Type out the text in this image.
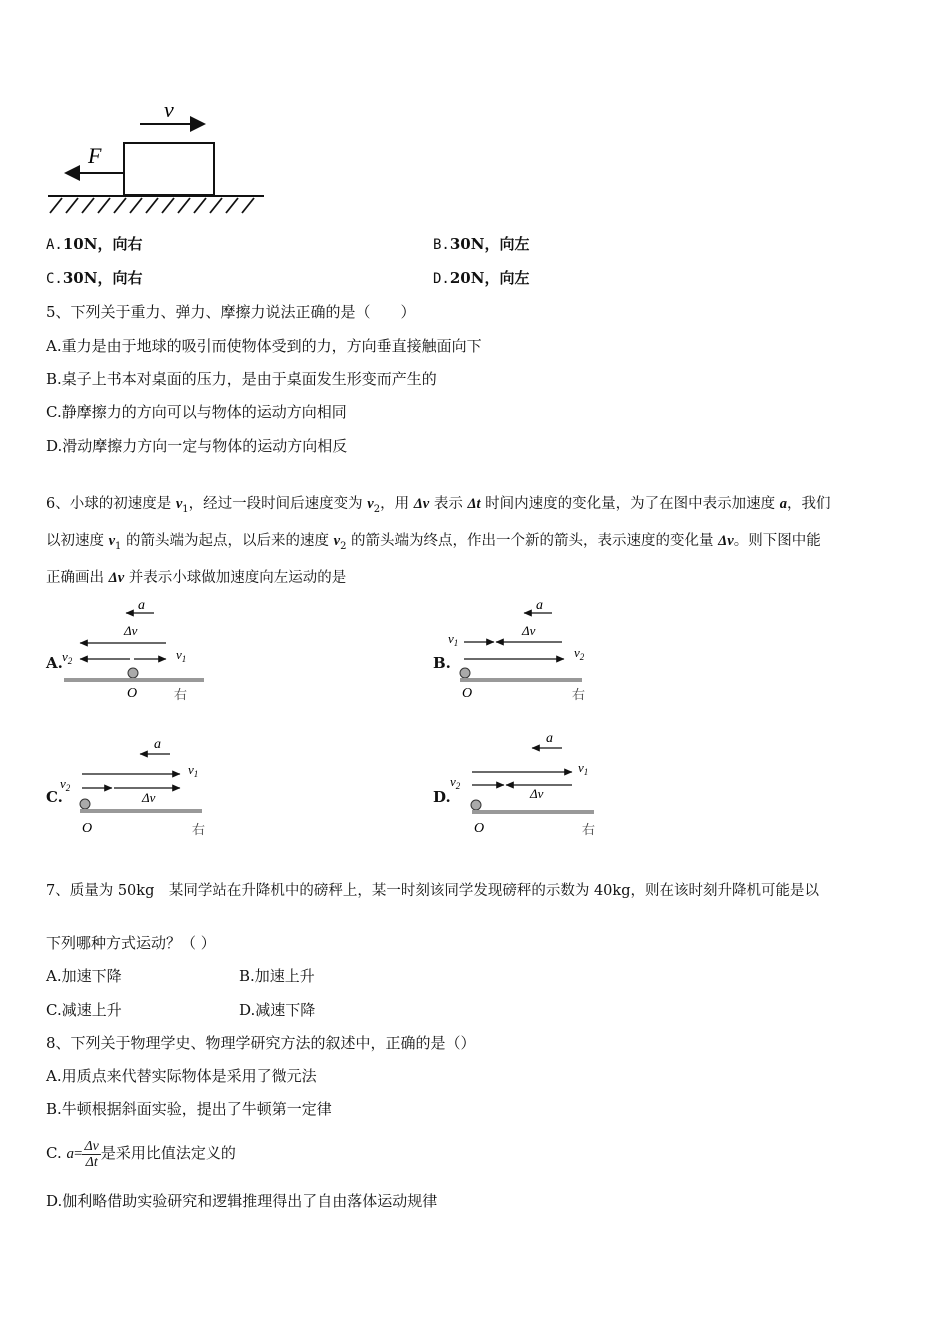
v
F
A.10N，向右	B.30N，向左
C.30N，向右	D.20N，向左
5、下列关于重力、弹力、摩擦力说法正确的是（　　）
A.重力是由于地球的吸引而使物体受到的力，方向垂直接触面向下
B.桌子上书本对桌面的压力，是由于桌面发生形变而产生的
C.静摩擦力的方向可以与物体的运动方向相同
D.滑动摩擦力方向一定与物体的运动方向相反
6、小球的初速度是 $v_1$，经过一段时间后速度变为 $v_2$，用 Δv 表示 Δt 时间内速度的变化量，为了在图中表示加速度 a，我们
以初速度 $v_1$ 的箭头端为起点，以后来的速度 $v_2$ 的箭头端为终点，作出一个新的箭头，表示速度的变化量 Δv。则下图中能
正确画出 Δv 并表示小球做加速度向左运动的是
A.
a
Δv
$v_2$	$v_1$
O	右
B.
a
Δv
$v_1$
$v_2$
O	右
C.
a
$v_1$
$v_2$
Δv
O	右
D.
a
$v_1$
$v_2$	Δv
O	右
7、质量为 50kg　某同学站在升降机中的磅秤上，某一时刻该同学发现磅秤的示数为 40kg，则在该时刻升降机可能是以
下列哪种方式运动？（ ）
A.加速下降	B.加速上升
C.减速上升	D.减速下降
8、下列关于物理学史、物理学研究方法的叙述中，正确的是（）
A.用质点来代替实际物体是采用了微元法
B.牛顿根据斜面实验，提出了牛顿第一定律
C. $a= \frac{\Delta v}{\Delta t}$ 是采用比值法定义的
D.伽利略借助实验研究和逻辑推理得出了自由落体运动规律
